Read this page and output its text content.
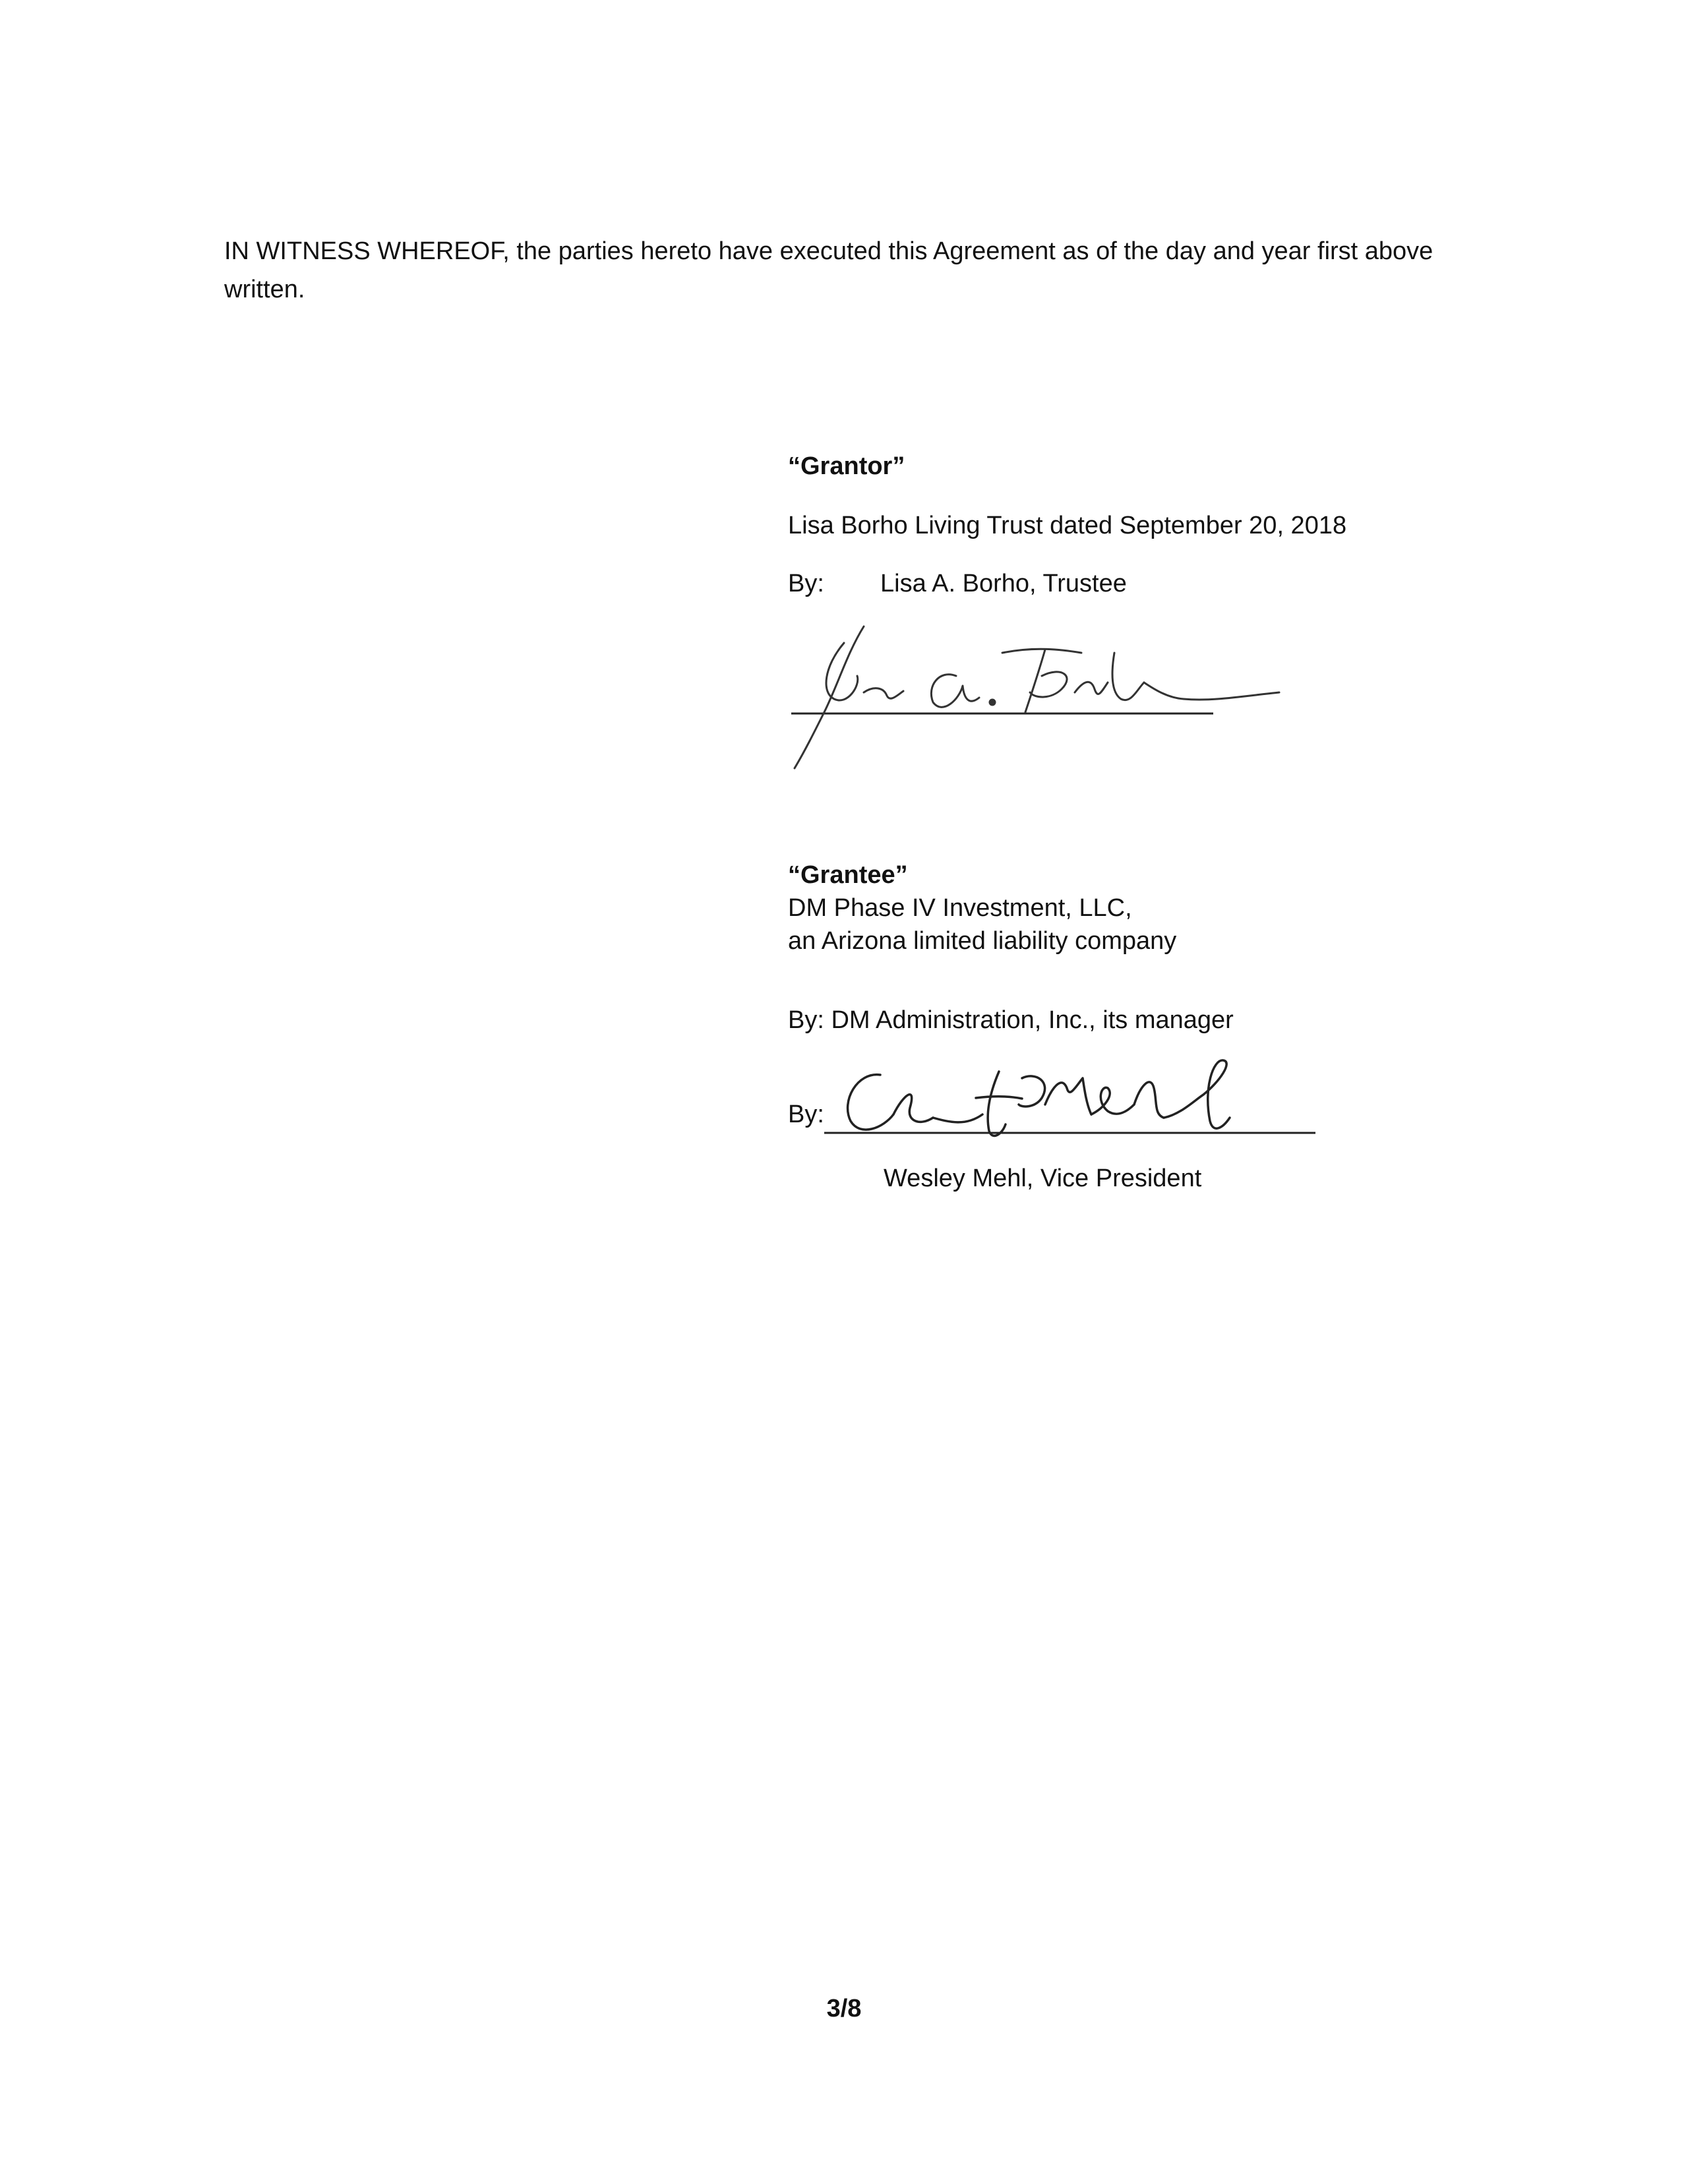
IN WITNESS WHEREOF, the parties hereto have executed this Agreement as of the day and year first above written.

“Grantor”
Lisa Borho Living Trust dated September 20, 2018
By: Lisa A. Borho, Trustee
“Grantee”
DM Phase IV Investment, LLC,
an Arizona limited liability company
By: DM Administration, Inc., its manager
By:
Wesley Mehl, Vice President
3/8
